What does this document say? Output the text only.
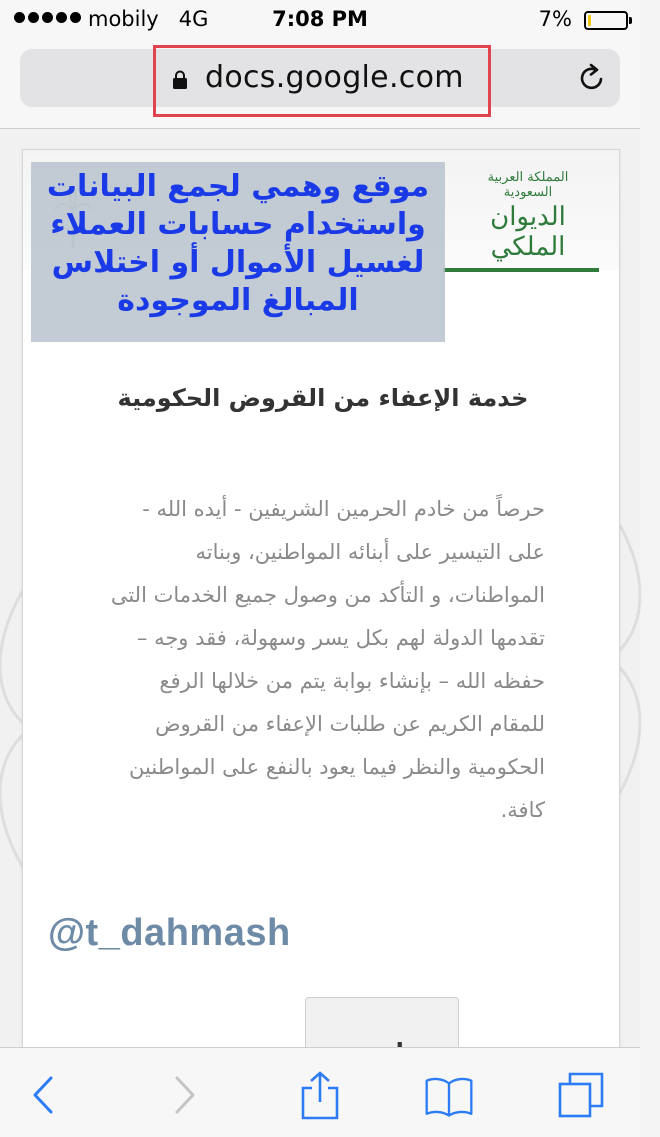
mobily 4G	7:08 PM	7%
docs.google.com
المملكة العربية السعودية
الديوان الملكي
موقع وهمي لجمع البيانات واستخدام حسابات العملاء لغسيل الأموال أو اختلاس المبالغ الموجودة
خدمة الإعفاء من القروض الحكومية
حرصاً من خادم الحرمين الشريفين - أيده الله - على التيسير على أبنائه المواطنين، وبناته المواطنات، و التأكد من وصول جميع الخدمات التى تقدمها الدولة لهم بكل يسر وسهولة، فقد وجه – حفظه الله – بإنشاء بوابة يتم من خلالها الرفع للمقام الكريم عن طلبات الإعفاء من القروض الحكومية والنظر فيما يعود بالنفع على المواطنين كافة.
@t_dahmash
